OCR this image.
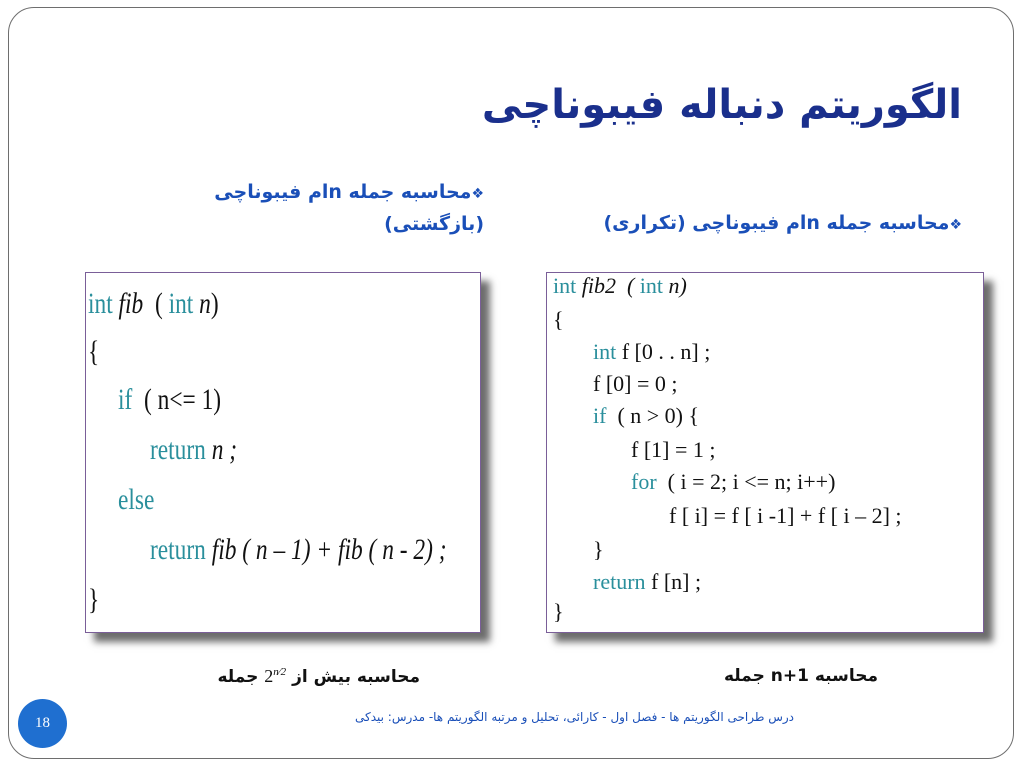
الگوریتم دنباله فیبوناچی
❖محاسبه جمله nام فیبوناچی
(بازگشتی)	❖محاسبه جمله nام فیبوناچی (تکراری)
int fib  ( int n)
{
if  ( n<= 1)
return n ;
else
return fib ( n – 1) + fib ( n - 2) ;
}
int fib2  ( int n)
{
int f [0 . . n] ;
f [0] = 0 ;
if  ( n > 0) {
f [1] = 1 ;
for  ( i = 2; i <= n; i++)
f [ i] = f [ i -1] + f [ i – 2] ;
}
return f [n] ;
}
محاسبه بیش از $2^{n⁄2}$ جمله	محاسبه n+1 جمله
18	درس طراحی الگوریتم ها - فصل اول - کارائی، تحلیل و مرتبه الگوریتم ها- مدرس: بیدکی
